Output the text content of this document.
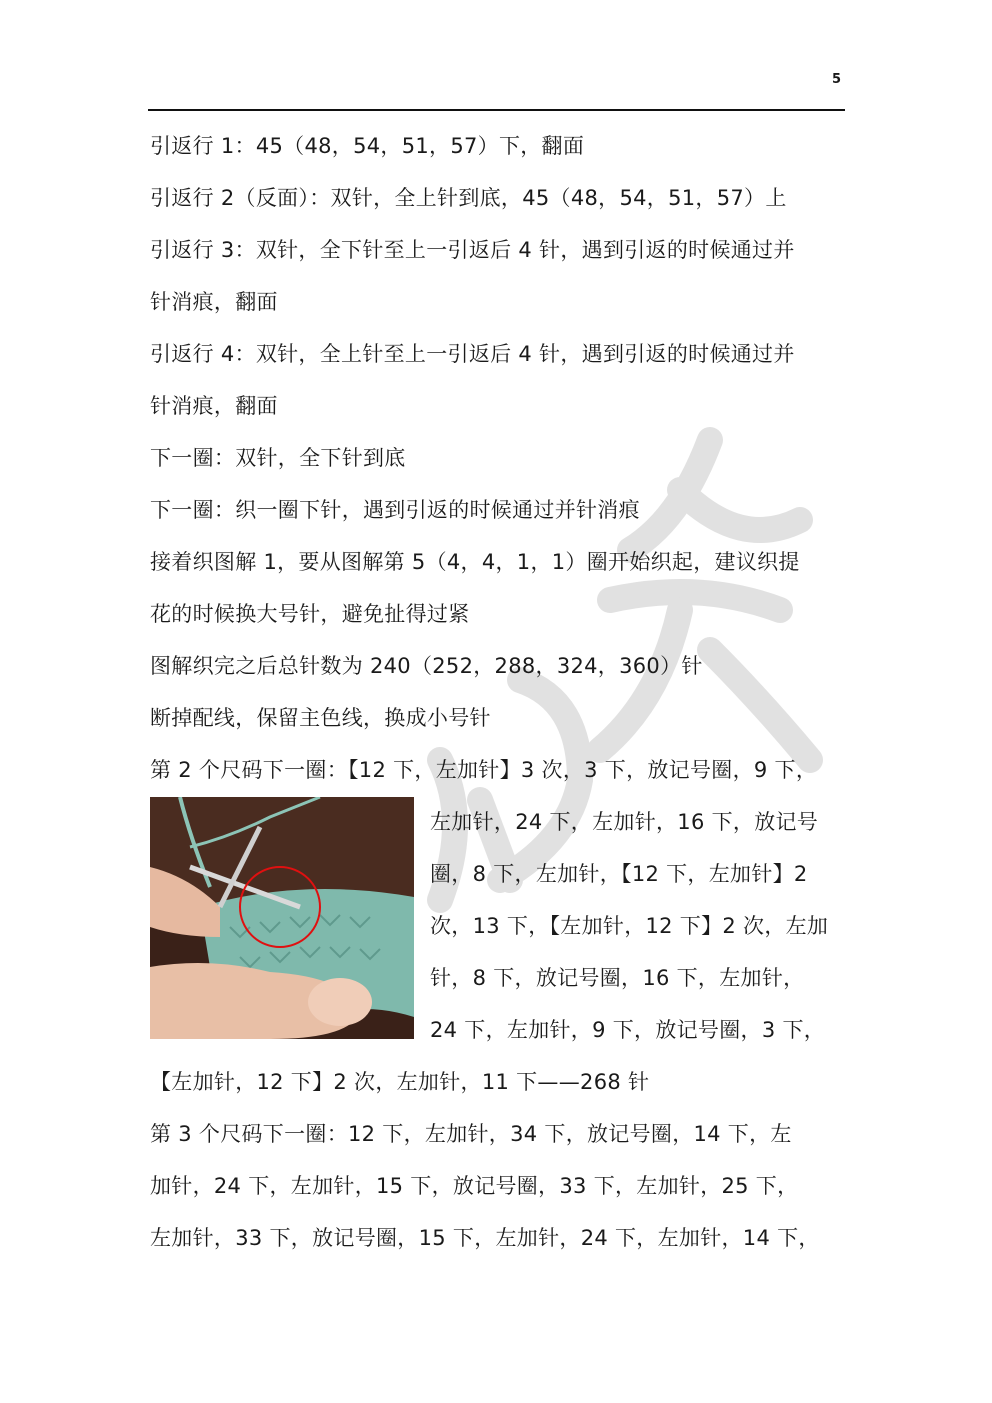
5
引返行 1：45（48，54，51，57）下，翻面
引返行 2（反面）：双针，全上针到底，45（48，54，51，57）上
引返行 3：双针，全下针至上一引返后 4 针，遇到引返的时候通过并
针消痕，翻面
引返行 4：双针，全上针至上一引返后 4 针，遇到引返的时候通过并
针消痕，翻面
下一圈：双针，全下针到底
下一圈：织一圈下针，遇到引返的时候通过并针消痕
接着织图解 1，要从图解第 5（4，4，1，1）圈开始织起，建议织提
花的时候换大号针，避免扯得过紧
图解织完之后总针数为 240（252，288，324，360）针
断掉配线，保留主色线，换成小号针
第 2 个尺码下一圈：【12 下，左加针】3 次，3 下，放记号圈，9 下，
左加针，24 下，左加针，16 下，放记号
圈，8 下，左加针，【12 下，左加针】2
次，13 下，【左加针，12 下】2 次，左加
针，8 下，放记号圈，16 下，左加针，
24 下，左加针，9 下，放记号圈，3 下，
【左加针，12 下】2 次，左加针，11 下——268 针
第 3 个尺码下一圈：12 下，左加针，34 下，放记号圈，14 下，左
加针，24 下，左加针，15 下，放记号圈，33 下，左加针，25 下，
左加针，33 下，放记号圈，15 下，左加针，24 下，左加针，14 下，
